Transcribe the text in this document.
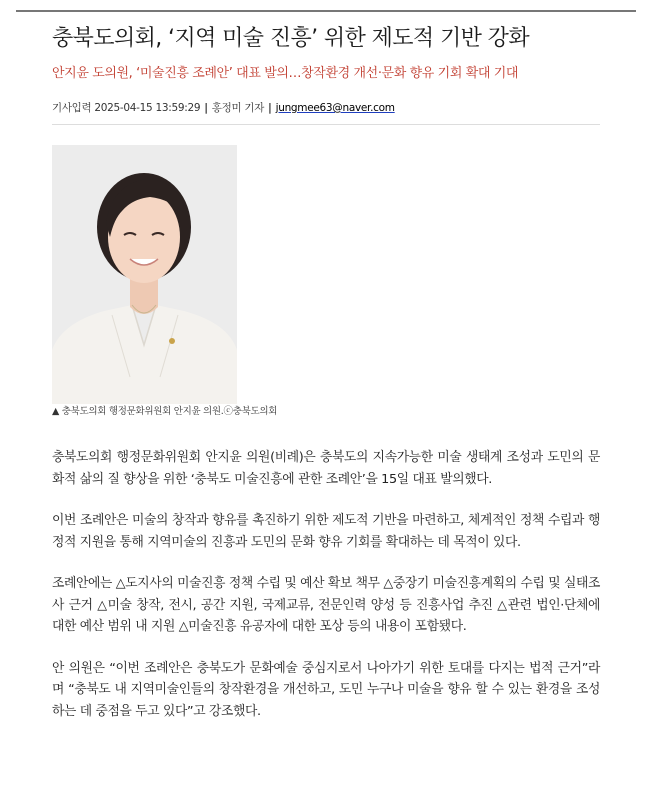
충북도의회, ‘지역 미술 진흥’ 위한 제도적 기반 강화
안지윤 도의원, ‘미술진흥 조례안’ 대표 발의…창작환경 개선·문화 향유 기회 확대 기대
기사입력 2025-04-15 13:59:29 | 홍정미 기자 | jungmee63@naver.com
▲ 충북도의회 행정문화위원회 안지윤 의원.ⓒ충북도의회

충북도의회 행정문화위원회 안지윤 의원(비례)은 충북도의 지속가능한 미술 생태계 조성과 도민의 문화적 삶의 질 향상을 위한 ‘충북도 미술진흥에 관한 조례안’을 15일 대표 발의했다.

이번 조례안은 미술의 창작과 향유를 촉진하기 위한 제도적 기반을 마련하고, 체계적인 정책 수립과 행정적 지원을 통해 지역미술의 진흥과 도민의 문화 향유 기회를 확대하는 데 목적이 있다.

조례안에는 △도지사의 미술진흥 정책 수립 및 예산 확보 책무 △중장기 미술진흥계획의 수립 및 실태조사 근거 △미술 창작, 전시, 공간 지원, 국제교류, 전문인력 양성 등 진흥사업 추진 △관련 법인·단체에 대한 예산 범위 내 지원 △미술진흥 유공자에 대한 포상 등의 내용이 포함됐다.

안 의원은 “이번 조례안은 충북도가 문화예술 중심지로서 나아가기 위한 토대를 다지는 법적 근거”라며 “충북도 내 지역미술인들의 창작환경을 개선하고, 도민 누구나 미술을 향유 할 수 있는 환경을 조성하는 데 중점을 두고 있다”고 강조했다.
